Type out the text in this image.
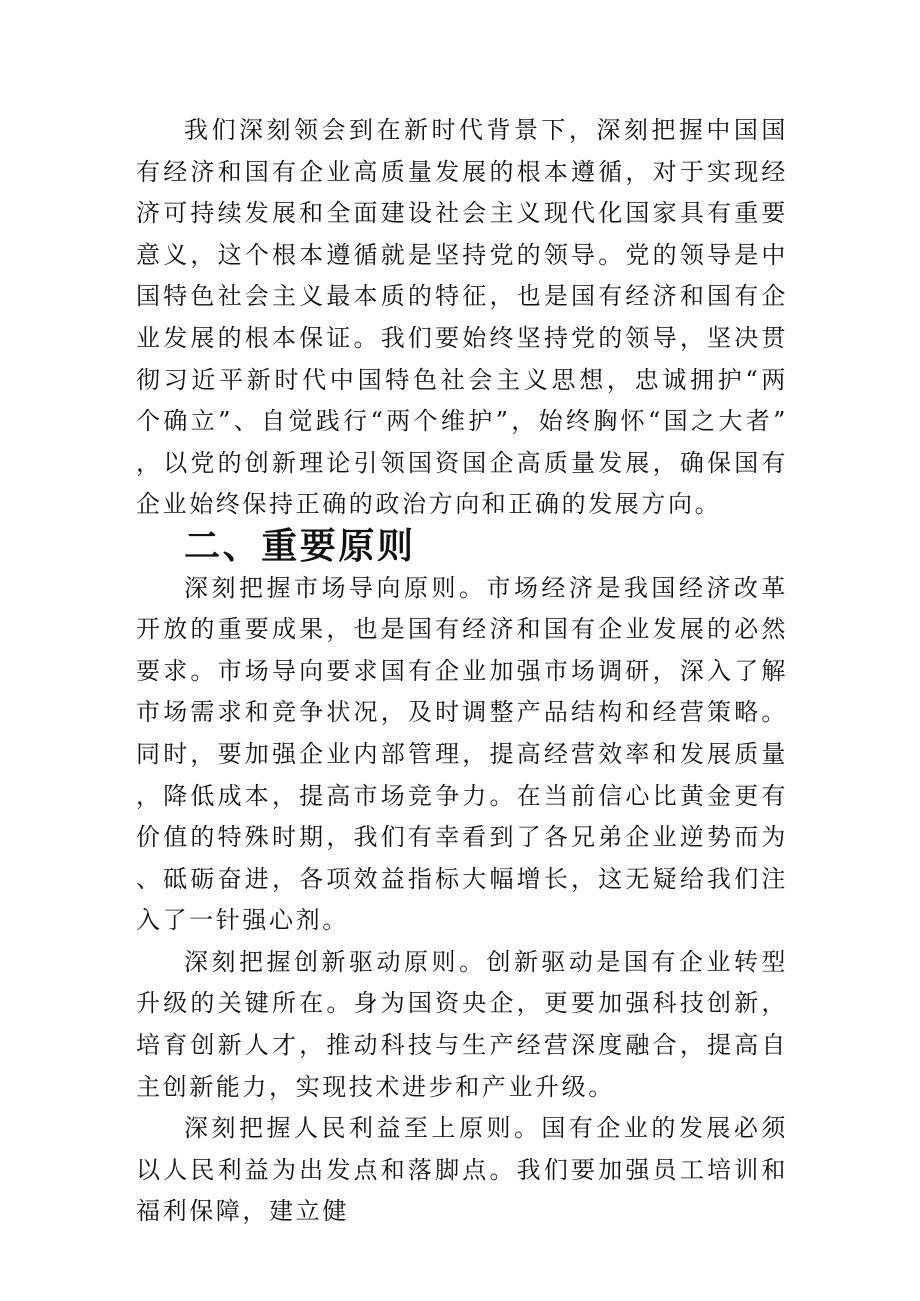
我们深刻领会到在新时代背景下，深刻把握中国国有经济和国有企业高质量发展的根本遵循，对于实现经济可持续发展和全面建设社会主义现代化国家具有重要意义，这个根本遵循就是坚持党的领导。党的领导是中国特色社会主义最本质的特征，也是国有经济和国有企业发展的根本保证。我们要始终坚持党的领导，坚决贯彻习近平新时代中国特色社会主义思想，忠诚拥护“两个确立”、自觉践行“两个维护”，始终胸怀“国之大者”，以党的创新理论引领国资国企高质量发展，确保国有企业始终保持正确的政治方向和正确的发展方向。

二、重要原则

深刻把握市场导向原则。市场经济是我国经济改革开放的重要成果，也是国有经济和国有企业发展的必然要求。市场导向要求国有企业加强市场调研，深入了解市场需求和竞争状况，及时调整产品结构和经营策略。同时，要加强企业内部管理，提高经营效率和发展质量，降低成本，提高市场竞争力。在当前信心比黄金更有价值的特殊时期，我们有幸看到了各兄弟企业逆势而为、砥砺奋进，各项效益指标大幅增长，这无疑给我们注入了一针强心剂。

深刻把握创新驱动原则。创新驱动是国有企业转型升级的关键所在。身为国资央企，更要加强科技创新，培育创新人才，推动科技与生产经营深度融合，提高自主创新能力，实现技术进步和产业升级。

深刻把握人民利益至上原则。国有企业的发展必须以人民利益为出发点和落脚点。我们要加强员工培训和福利保障，建立健
